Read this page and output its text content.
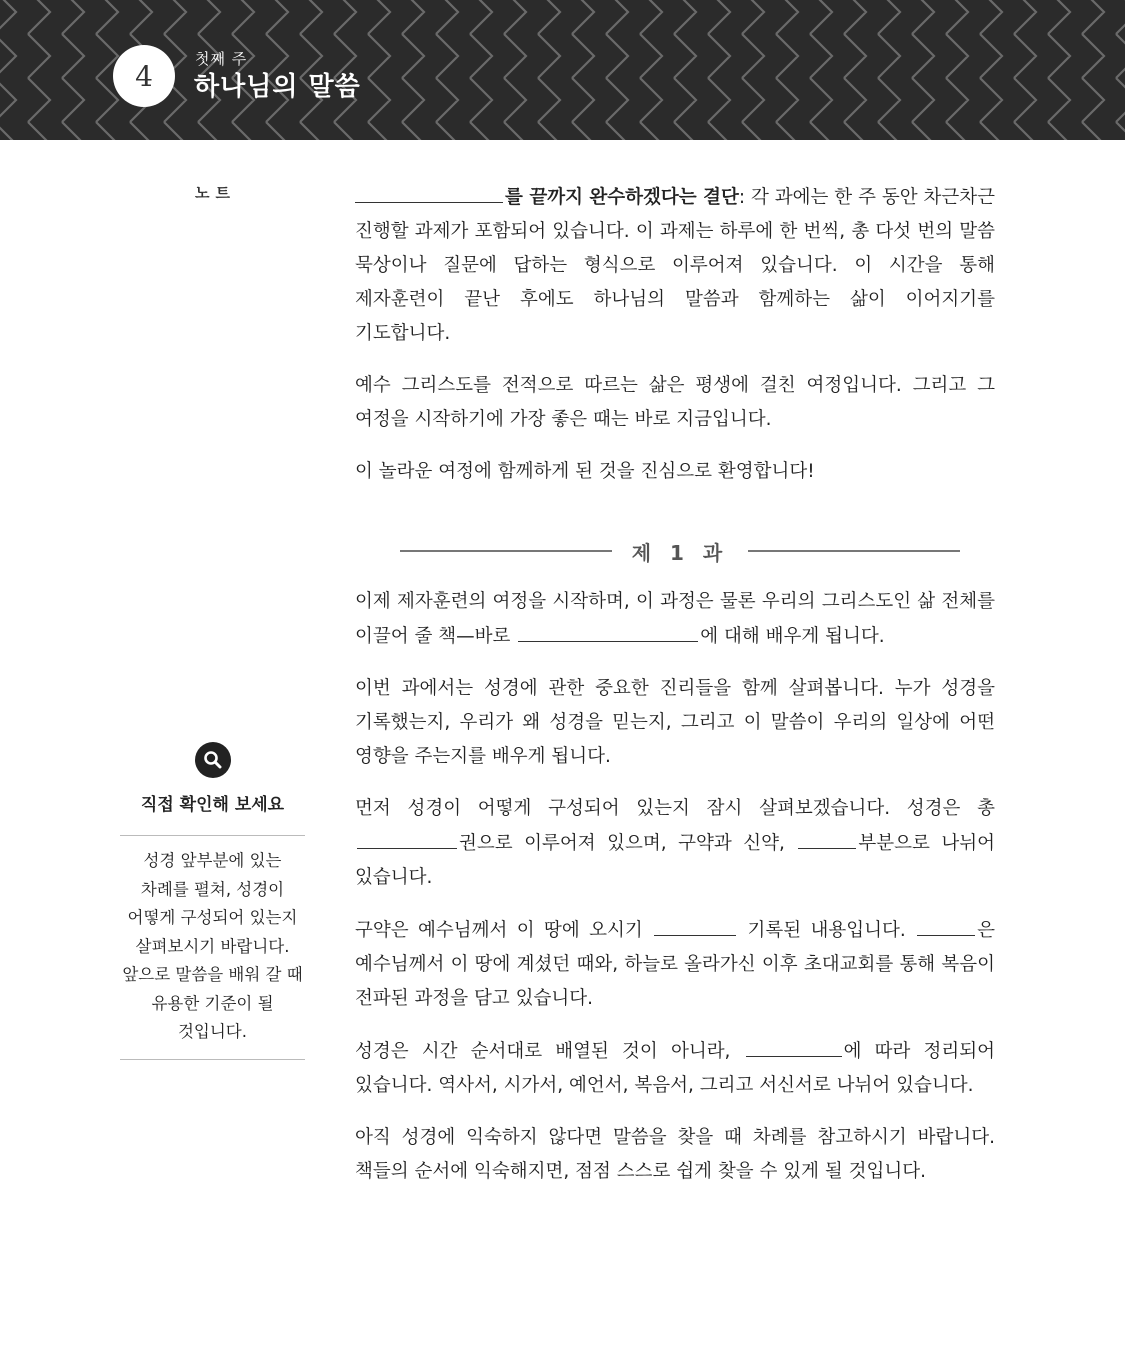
4
첫째 주
하나님의 말씀
노트	를 끝까지 완수하겠다는 결단: 각 과에는 한 주 동안 차근차근 진행할 과제가 포함되어 있습니다. 이 과제는 하루에 한 번씩, 총 다섯 번의 말씀 묵상이나 질문에 답하는 형식으로 이루어져 있습니다. 이 시간을 통해 제자훈련이 끝난 후에도 하나님의 말씀과 함께하는 삶이 이어지기를 기도합니다.

예수 그리스도를 전적으로 따르는 삶은 평생에 걸친 여정입니다. 그리고 그 여정을 시작하기에 가장 좋은 때는 바로 지금입니다.

이 놀라운 여정에 함께하게 된 것을 진심으로 환영합니다!

제 1 과

이제 제자훈련의 여정을 시작하며, 이 과정은 물론 우리의 그리스도인 삶 전체를 이끌어 줄 책—바로	에 대해 배우게 됩니다.

이번 과에서는 성경에 관한 중요한 진리들을 함께 살펴봅니다. 누가 성경을 기록했는지, 우리가 왜 성경을 믿는지, 그리고 이 말씀이 우리의 일상에 어떤 영향을 주는지를 배우게 됩니다.

먼저 성경이 어떻게 구성되어 있는지 잠시 살펴보겠습니다. 성경은 총 권으로 이루어져 있으며, 구약과 신약,	부분으로 나뉘어 있습니다.

구약은 예수님께서 이 땅에 오시기	기록된 내용입니다.	은 예수님께서 이 땅에 계셨던 때와, 하늘로 올라가신 이후 초대교회를 통해 복음이 전파된 과정을 담고 있습니다.

성경은 시간 순서대로 배열된 것이 아니라,	에 따라 정리되어 있습니다. 역사서, 시가서, 예언서, 복음서, 그리고 서신서로 나뉘어 있습니다.

아직 성경에 익숙하지 않다면 말씀을 찾을 때 차례를 참고하시기 바랍니다. 책들의 순서에 익숙해지면, 점점 스스로 쉽게 찾을 수 있게 될 것입니다.

직접 확인해 보세요
성경 앞부분에 있는 차례를 펼쳐, 성경이 어떻게 구성되어 있는지 살펴보시기 바랍니다. 앞으로 말씀을 배워 갈 때 유용한 기준이 될 것입니다.
